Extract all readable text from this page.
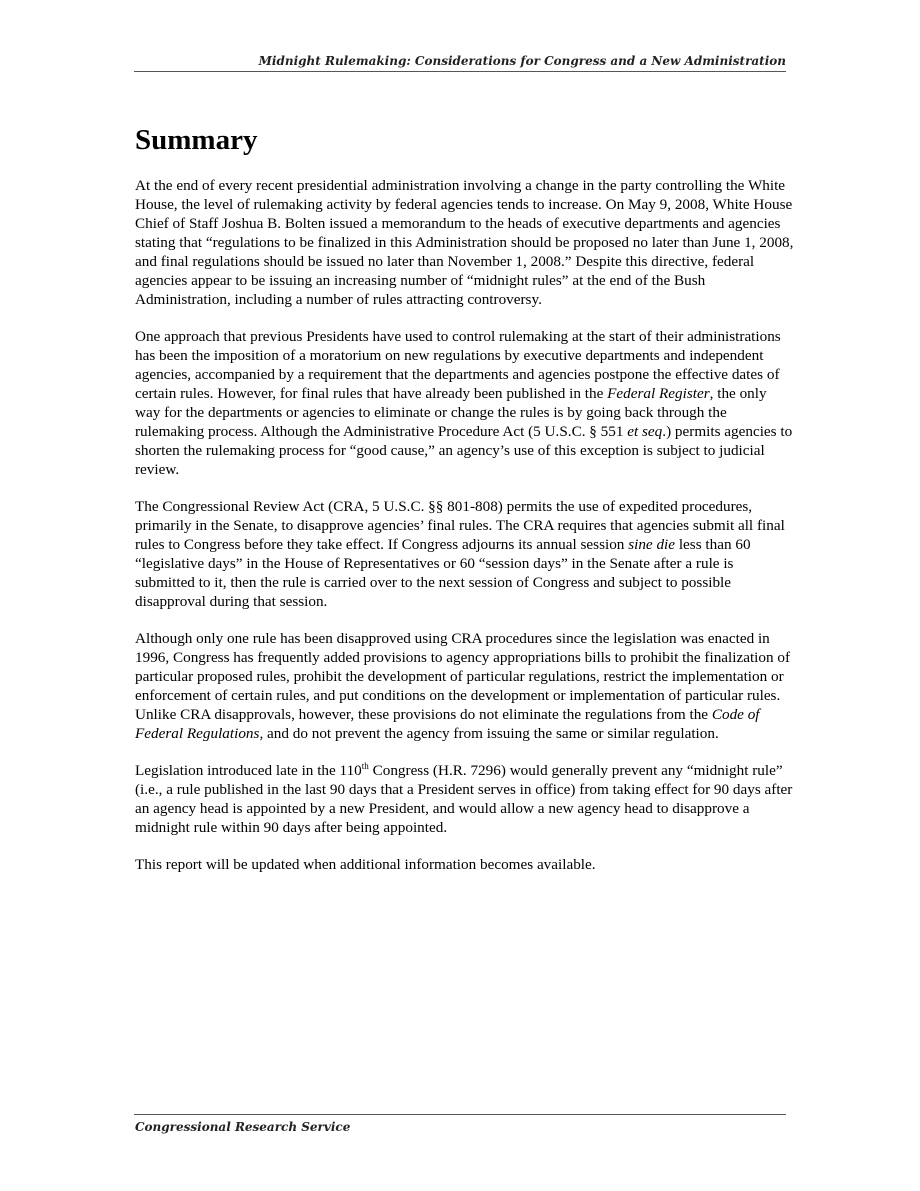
Midnight Rulemaking: Considerations for Congress and a New Administration
Summary

At the end of every recent presidential administration involving a change in the party controlling the White House, the level of rulemaking activity by federal agencies tends to increase. On May 9, 2008, White House Chief of Staff Joshua B. Bolten issued a memorandum to the heads of executive departments and agencies stating that “regulations to be finalized in this Administration should be proposed no later than June 1, 2008, and final regulations should be issued no later than November 1, 2008.” Despite this directive, federal agencies appear to be issuing an increasing number of “midnight rules” at the end of the Bush Administration, including a number of rules attracting controversy.

One approach that previous Presidents have used to control rulemaking at the start of their administrations has been the imposition of a moratorium on new regulations by executive departments and independent agencies, accompanied by a requirement that the departments and agencies postpone the effective dates of certain rules. However, for final rules that have already been published in the Federal Register, the only way for the departments or agencies to eliminate or change the rules is by going back through the rulemaking process. Although the Administrative Procedure Act (5 U.S.C. § 551 et seq.) permits agencies to shorten the rulemaking process for “good cause,” an agency’s use of this exception is subject to judicial review.

The Congressional Review Act (CRA, 5 U.S.C. §§ 801-808) permits the use of expedited procedures, primarily in the Senate, to disapprove agencies’ final rules. The CRA requires that agencies submit all final rules to Congress before they take effect. If Congress adjourns its annual session sine die less than 60 “legislative days” in the House of Representatives or 60 “session days” in the Senate after a rule is submitted to it, then the rule is carried over to the next session of Congress and subject to possible disapproval during that session.

Although only one rule has been disapproved using CRA procedures since the legislation was enacted in 1996, Congress has frequently added provisions to agency appropriations bills to prohibit the finalization of particular proposed rules, prohibit the development of particular regulations, restrict the implementation or enforcement of certain rules, and put conditions on the development or implementation of particular rules. Unlike CRA disapprovals, however, these provisions do not eliminate the regulations from the Code of Federal Regulations, and do not prevent the agency from issuing the same or similar regulation.

Legislation introduced late in the 110th Congress (H.R. 7296) would generally prevent any “midnight rule” (i.e., a rule published in the last 90 days that a President serves in office) from taking effect for 90 days after an agency head is appointed by a new President, and would allow a new agency head to disapprove a midnight rule within 90 days after being appointed.

This report will be updated when additional information becomes available.

Congressional Research Service
